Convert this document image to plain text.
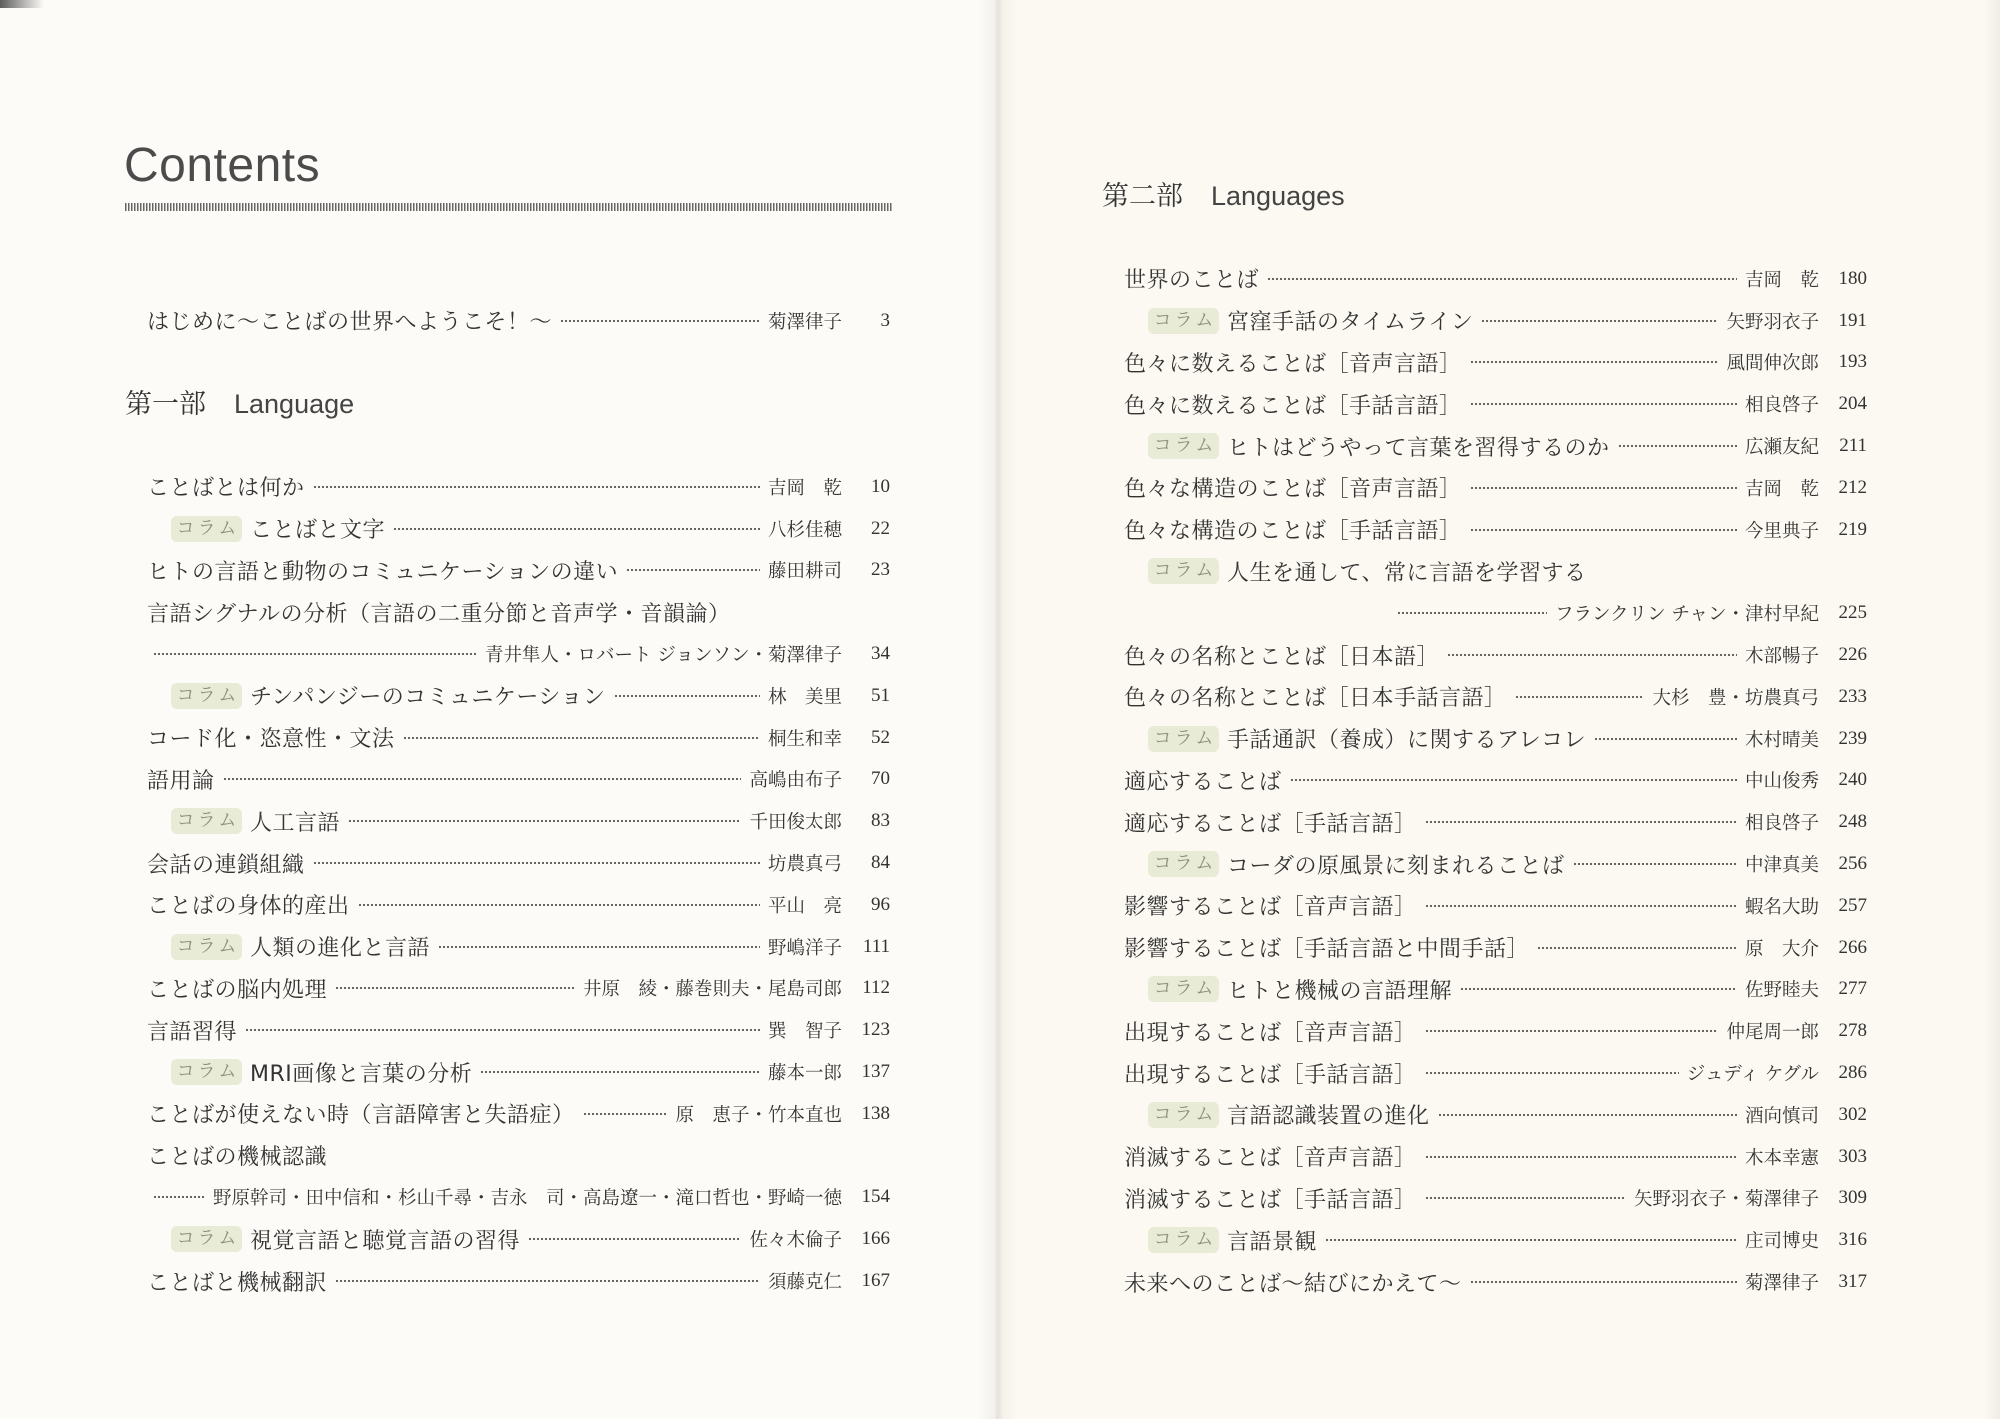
Contents
第一部 Language
第二部 Languages
はじめに〜ことばの世界へようこそ！〜	菊澤律子	3
ことばとは何か	吉岡　乾	10
コラム ことばと文字	八杉佳穂	22
ヒトの言語と動物のコミュニケーションの違い	藤田耕司	23
言語シグナルの分析（言語の二重分節と音声学・音韻論）
青井隼人・ロバート ジョンソン・菊澤律子	34
コラム チンパンジーのコミュニケーション	林　美里	51
コード化・恣意性・文法	桐生和幸	52
語用論	高嶋由布子	70
コラム 人工言語	千田俊太郎	83
会話の連鎖組織	坊農真弓	84
ことばの身体的産出	平山　亮	96
コラム 人類の進化と言語	野嶋洋子	111
ことばの脳内処理	井原　綾・藤巻則夫・尾島司郎	112
言語習得	巽　智子	123
コラム MRI画像と言葉の分析	藤本一郎	137
ことばが使えない時（言語障害と失語症）	原　恵子・竹本直也	138
ことばの機械認識
野原幹司・田中信和・杉山千尋・吉永　司・高島遼一・滝口哲也・野崎一徳	154
コラム 視覚言語と聴覚言語の習得	佐々木倫子	166
ことばと機械翻訳	須藤克仁	167
世界のことば	吉岡　乾	180
コラム 宮窪手話のタイムライン	矢野羽衣子	191
色々に数えることば［音声言語］	風間伸次郎	193
色々に数えることば［手話言語］	相良啓子	204
コラム ヒトはどうやって言葉を習得するのか	広瀬友紀	211
色々な構造のことば［音声言語］	吉岡　乾	212
色々な構造のことば［手話言語］	今里典子	219
コラム 人生を通して、常に言語を学習する
フランクリン チャン・津村早紀	225
色々の名称とことば［日本語］	木部暢子	226
色々の名称とことば［日本手話言語］	大杉　豊・坊農真弓	233
コラム 手話通訳（養成）に関するアレコレ	木村晴美	239
適応することば	中山俊秀	240
適応することば［手話言語］	相良啓子	248
コラム コーダの原風景に刻まれることば	中津真美	256
影響することば［音声言語］	蝦名大助	257
影響することば［手話言語と中間手話］	原　大介	266
コラム ヒトと機械の言語理解	佐野睦夫	277
出現することば［音声言語］	仲尾周一郎	278
出現することば［手話言語］	ジュディ ケグル	286
コラム 言語認識装置の進化	酒向慎司	302
消滅することば［音声言語］	木本幸憲	303
消滅することば［手話言語］	矢野羽衣子・菊澤律子	309
コラム 言語景観	庄司博史	316
未来へのことば〜結びにかえて〜	菊澤律子	317
